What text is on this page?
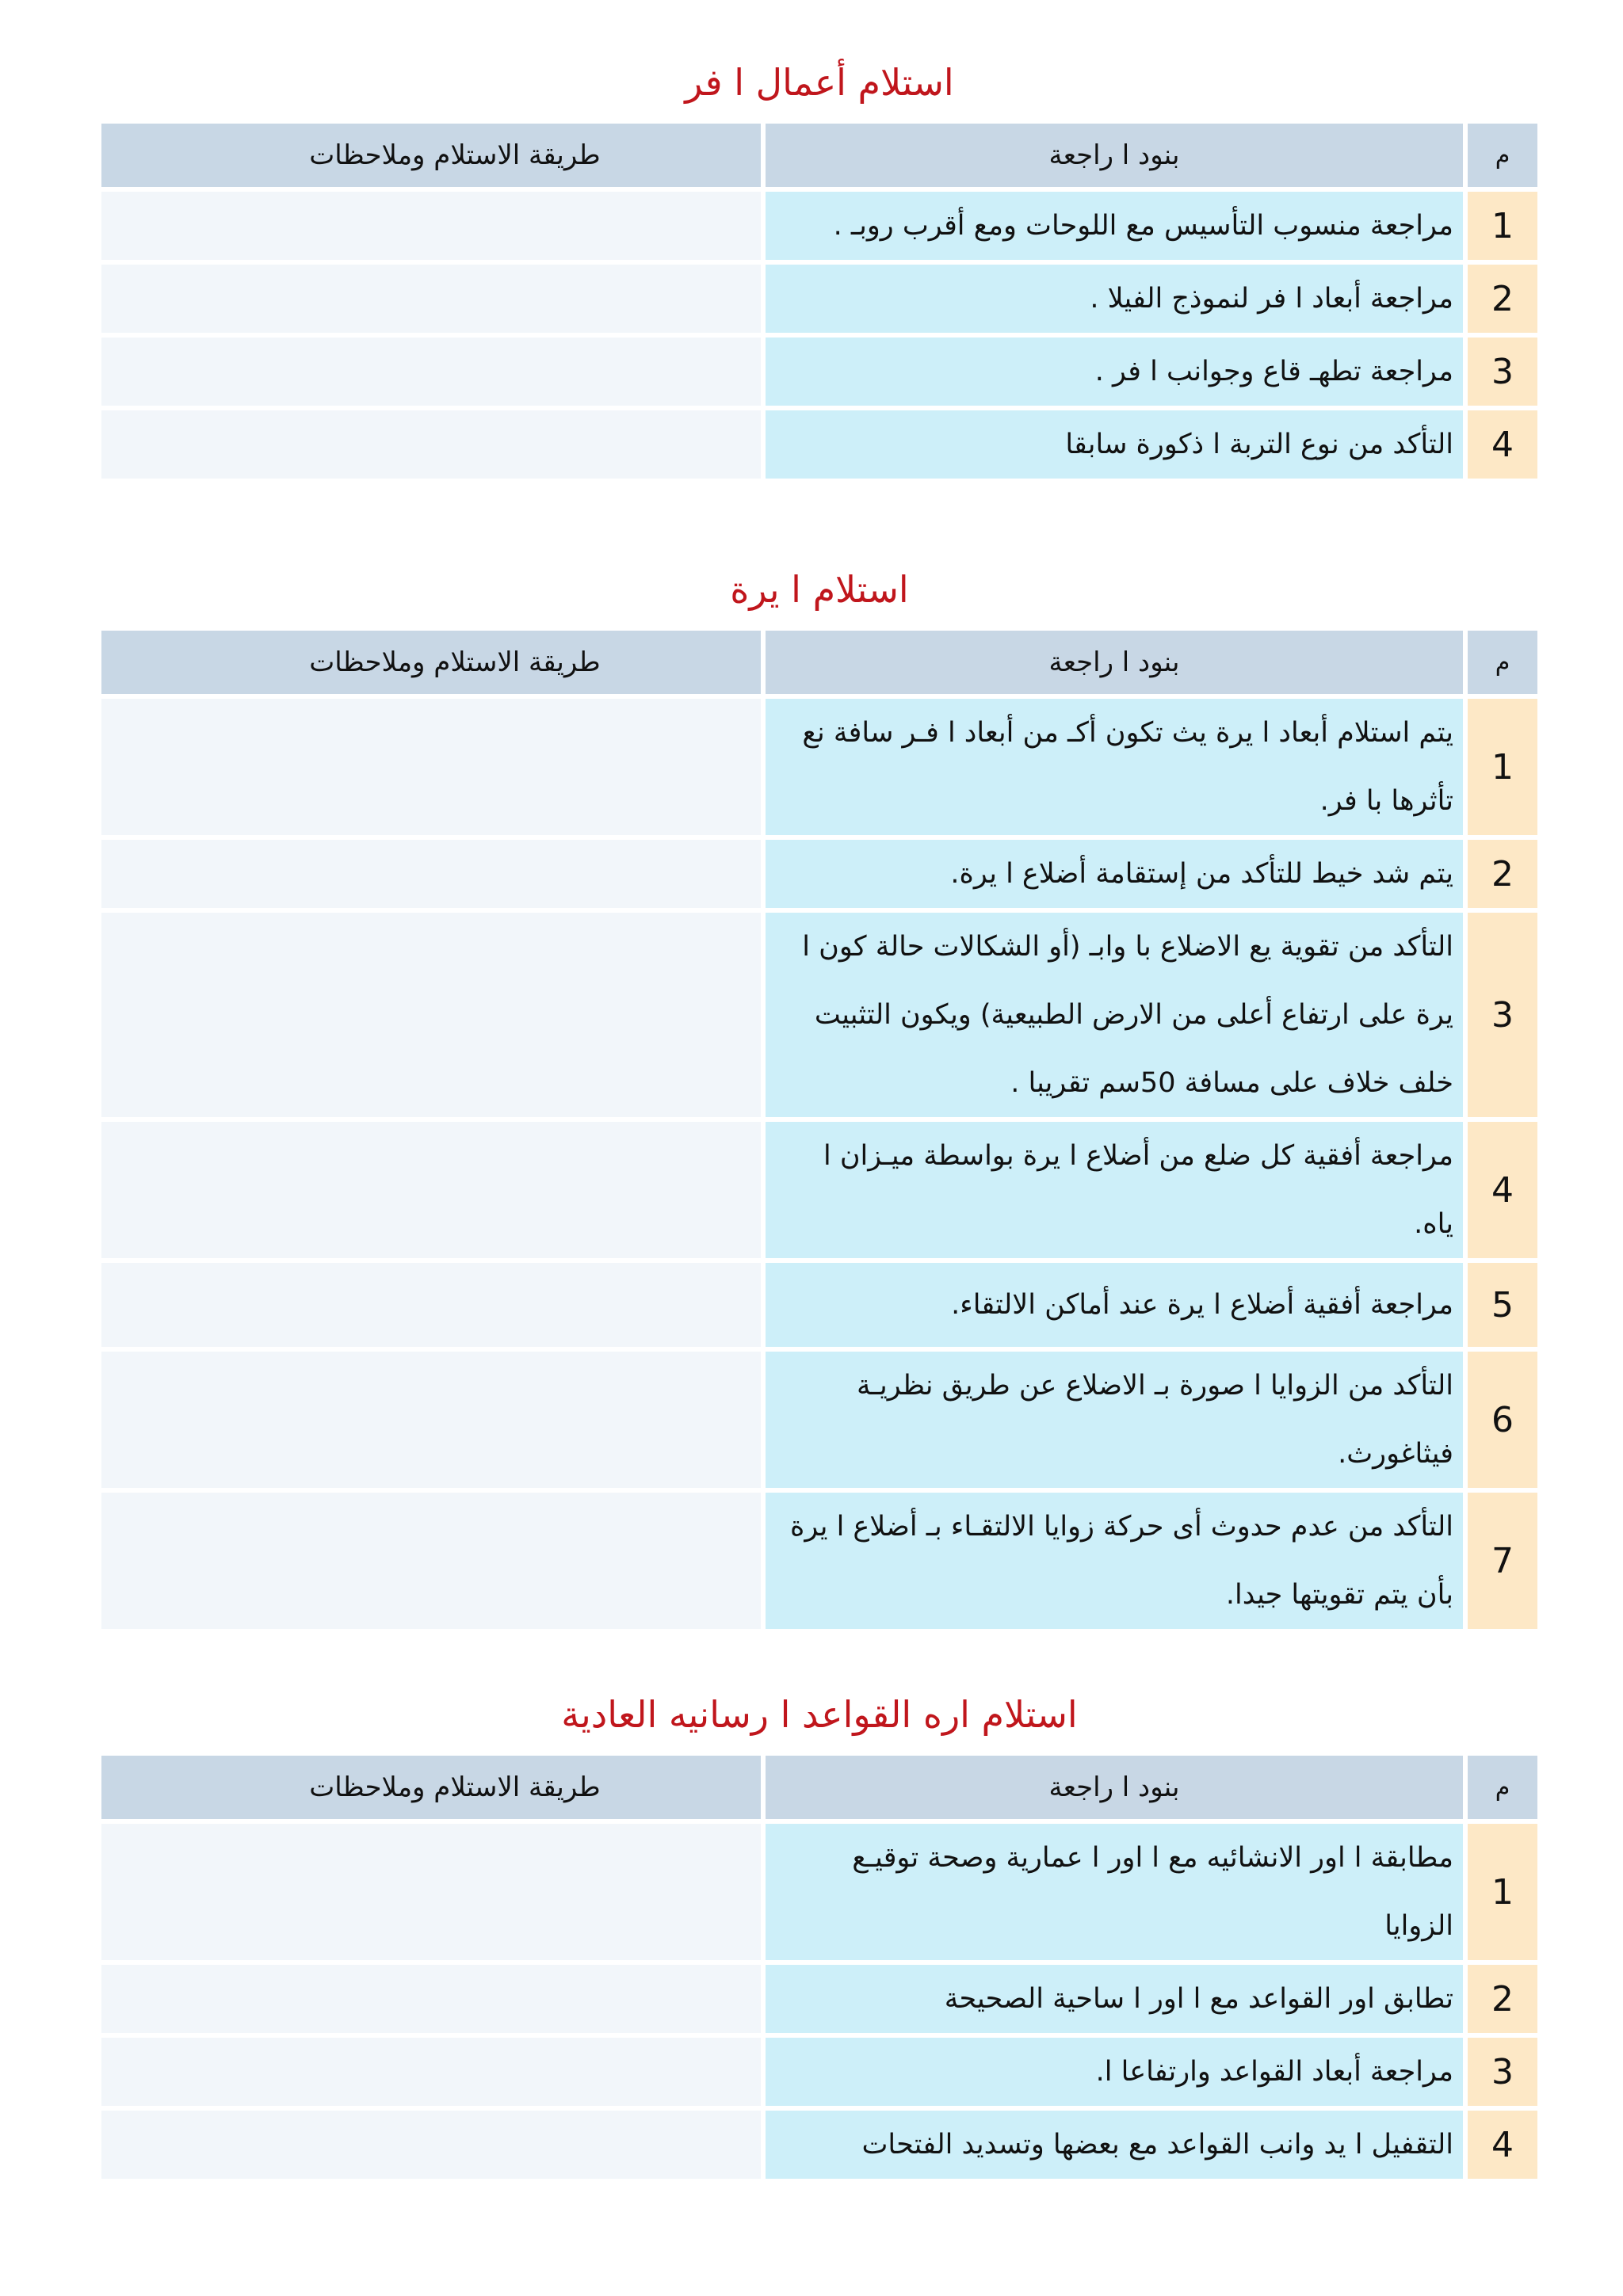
استلام أعمال ا فر
طريقة الاستلام وملاحظات	بنود ا راجعة	م

	مراجعة منسوب التأسيس مع اللوحات ومع أقرب روبـ .	1

	مراجعة أبعاد ا فر لنموذج الفيلا .	2

	مراجعة تطهـ قاع وجوانب ا فر .	3

	التأكد من نوع التربة ا ذكورة سابقا	4
استلام ا يرة
طريقة الاستلام وملاحظات	بنود ا راجعة	م

	يتم استلام أبعاد ا يرة يث تكون أكـ من أبعاد ا فـر سافة نع تأثرها با فر.	1

	يتم شد خيط للتأكد من إستقامة أضلاع ا يرة.	2

	التأكد من تقوية يع الاضلاع با وابـ (أو الشكالات حالة كون ا يرة على ارتفاع أعلى من الارض الطبيعية) ويكون التثبيت خلف خلاف على مسافة 50سم تقريبا .	3

	مراجعة أفقية كل ضلع من أضلاع ا يرة بواسطة ميـزان ا ياه.	4

	مراجعة أفقية أضلاع ا يرة عند أماكن الالتقاء.	5

	التأكد من الزوايا ا صورة بـ الاضلاع عن طريق نظريـة فيثاغورث.	6

	التأكد من عدم حدوث أى حركة زوايا الالتقـاء بـ أضلاع ا يرة بأن يتم تقويتها جيدا.	7
استلام اره القواعد ا رسانيه العادية
طريقة الاستلام وملاحظات	بنود ا راجعة	م

	مطابقة ا اور الانشائيه مع ا اور ا عمارية وصحة توقيـع الزوايا	1

	تطابق اور القواعد مع ا اور ا ساحية الصحيحة	2

	مراجعة أبعاد القواعد وارتفاعا ا.	3

	التقفيل ا يد وانب القواعد مع بعضها وتسديد الفتحات	4
